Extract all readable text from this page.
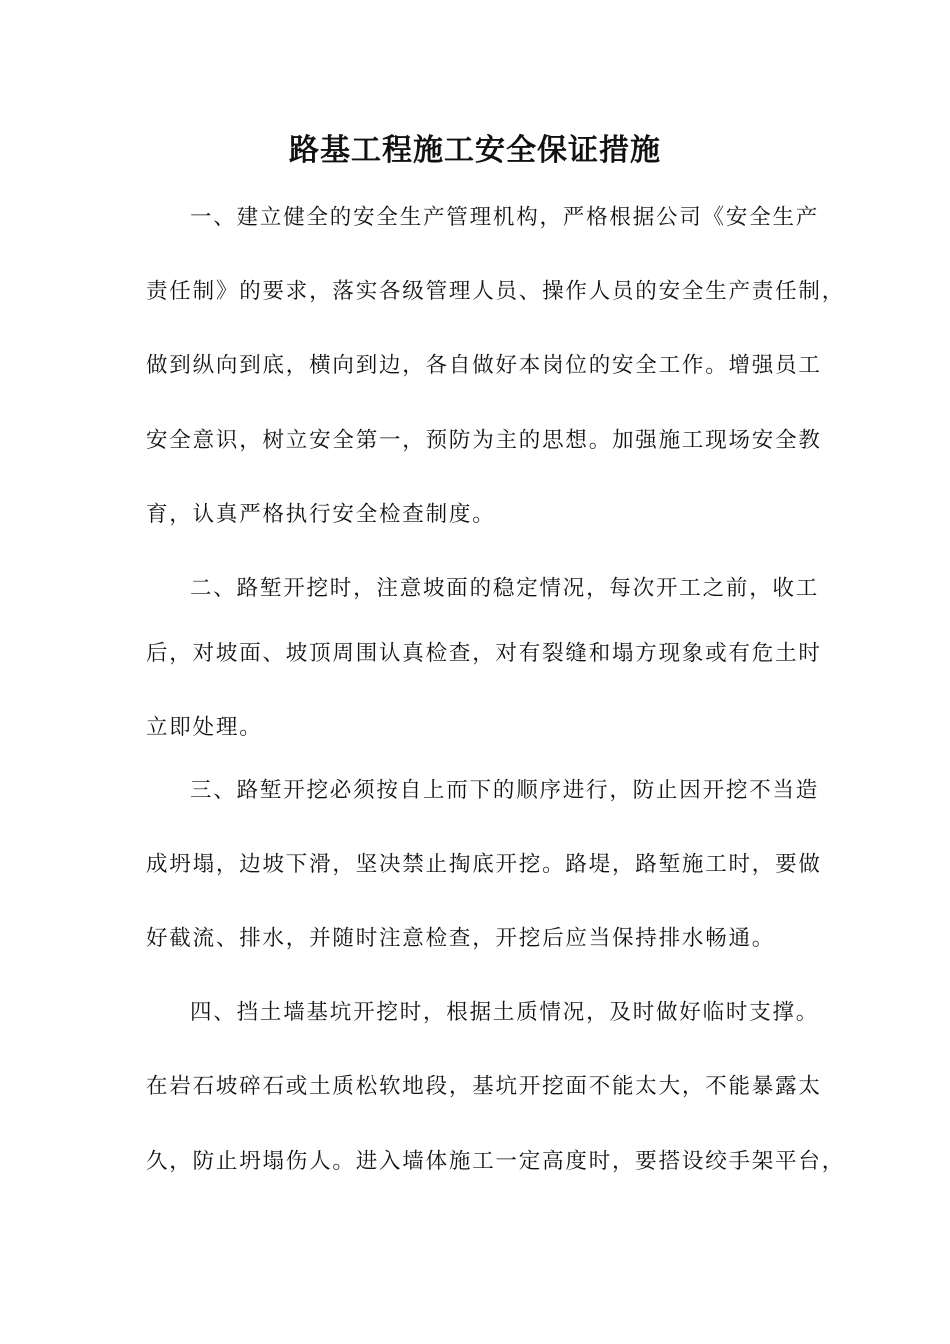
路基工程施工安全保证措施

一、建立健全的安全生产管理机构，严格根据公司《安全生产

责任制》的要求，落实各级管理人员、操作人员的安全生产责任制，

做到纵向到底，横向到边，各自做好本岗位的安全工作。增强员工

安全意识，树立安全第一，预防为主的思想。加强施工现场安全教

育，认真严格执行安全检查制度。

二、路堑开挖时，注意坡面的稳定情况，每次开工之前，收工

后，对坡面、坡顶周围认真检查，对有裂缝和塌方现象或有危土时

立即处理。

三、路堑开挖必须按自上而下的顺序进行，防止因开挖不当造

成坍塌，边坡下滑，坚决禁止掏底开挖。路堤，路堑施工时，要做

好截流、排水，并随时注意检查，开挖后应当保持排水畅通。

四、挡土墙基坑开挖时，根据土质情况，及时做好临时支撑。

在岩石坡碎石或土质松软地段，基坑开挖面不能太大，不能暴露太

久，防止坍塌伤人。进入墙体施工一定高度时，要搭设绞手架平台，
